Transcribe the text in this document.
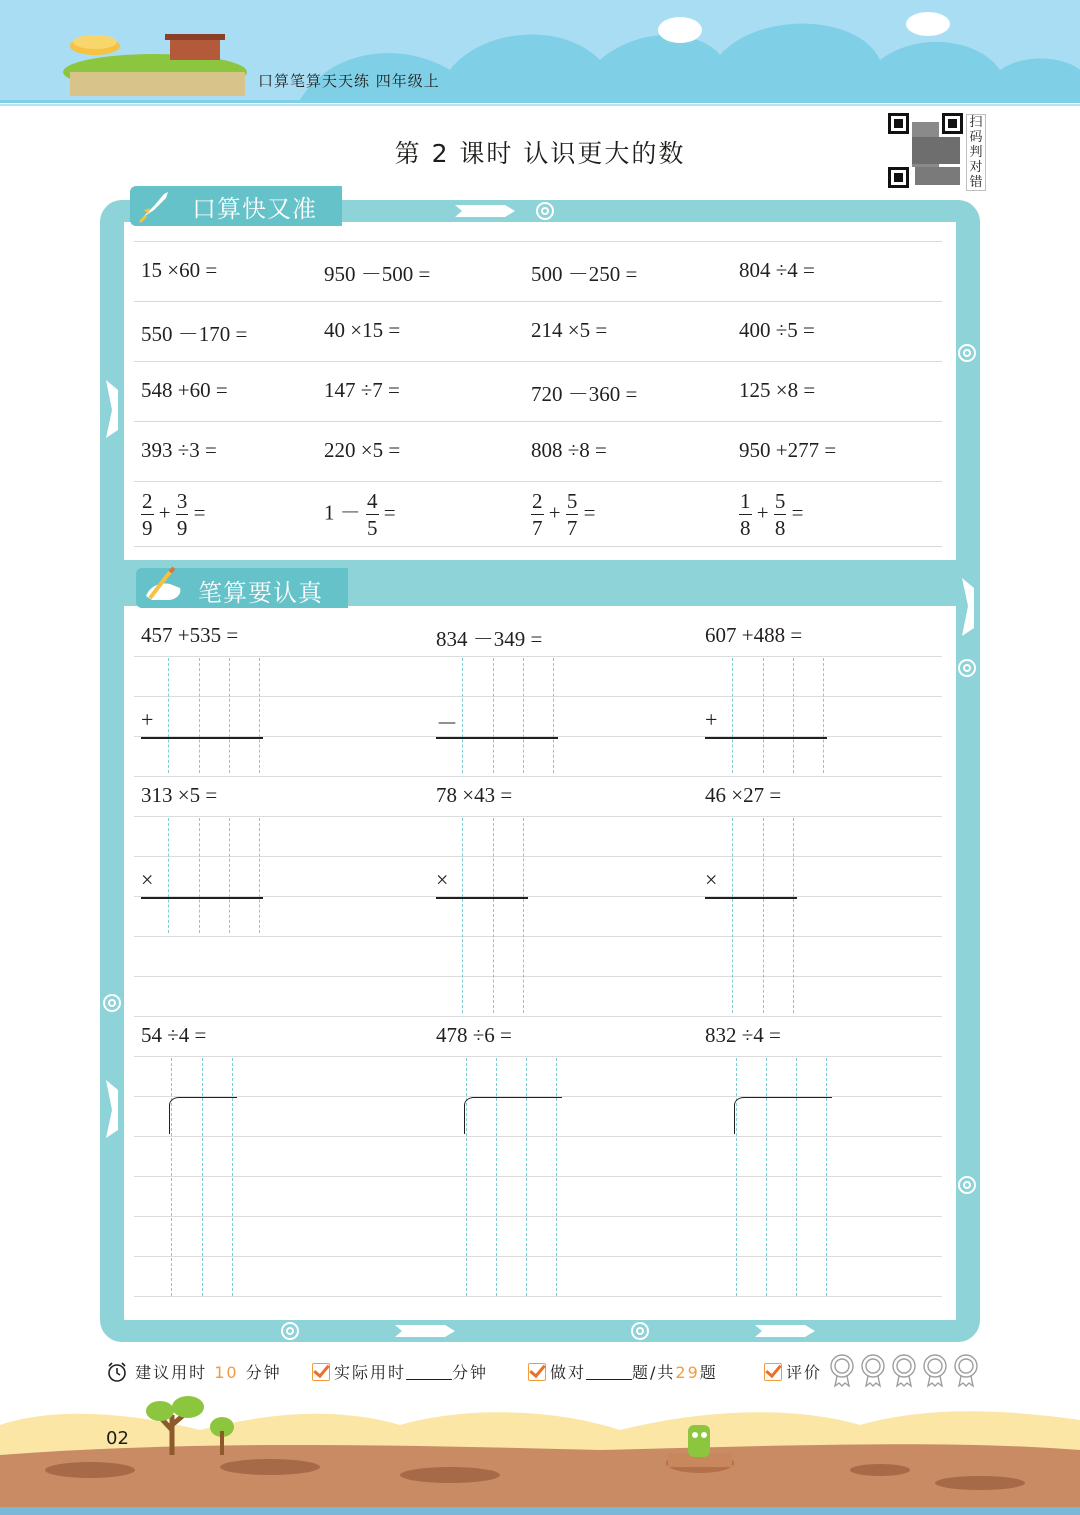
口算笔算天天练 四年级上
第 2 课时 认识更大的数
扫
码
判
对
错
口算快又准
15 ×60 =	950 －500 =	500 －250 =	804 ÷4 =
550 －170 =	40 ×15 =	214 ×5 =	400 ÷5 =
548 +60 =	147 ÷7 =	720 －360 =	125 ×8 =
393 ÷3 =	220 ×5 =	808 ÷8 =	950 +277 =
$\frac{2}{9} + \frac{3}{9}$ =	$1 - \frac{4}{5}$ =	$\frac{2}{7} + \frac{5}{7}$ =	$\frac{1}{8} + \frac{5}{8}$ =
笔算要认真
457 +535 =	834 －349 =	607 +488 =
+	－	+
313 ×5 =	78 ×43 =	46 ×27 =
×	×	×
54 ÷4 =	478 ÷6 =	832 ÷4 =
建议用时 10 分钟	实际用时	分钟	做对	题/共29题	评价
02
